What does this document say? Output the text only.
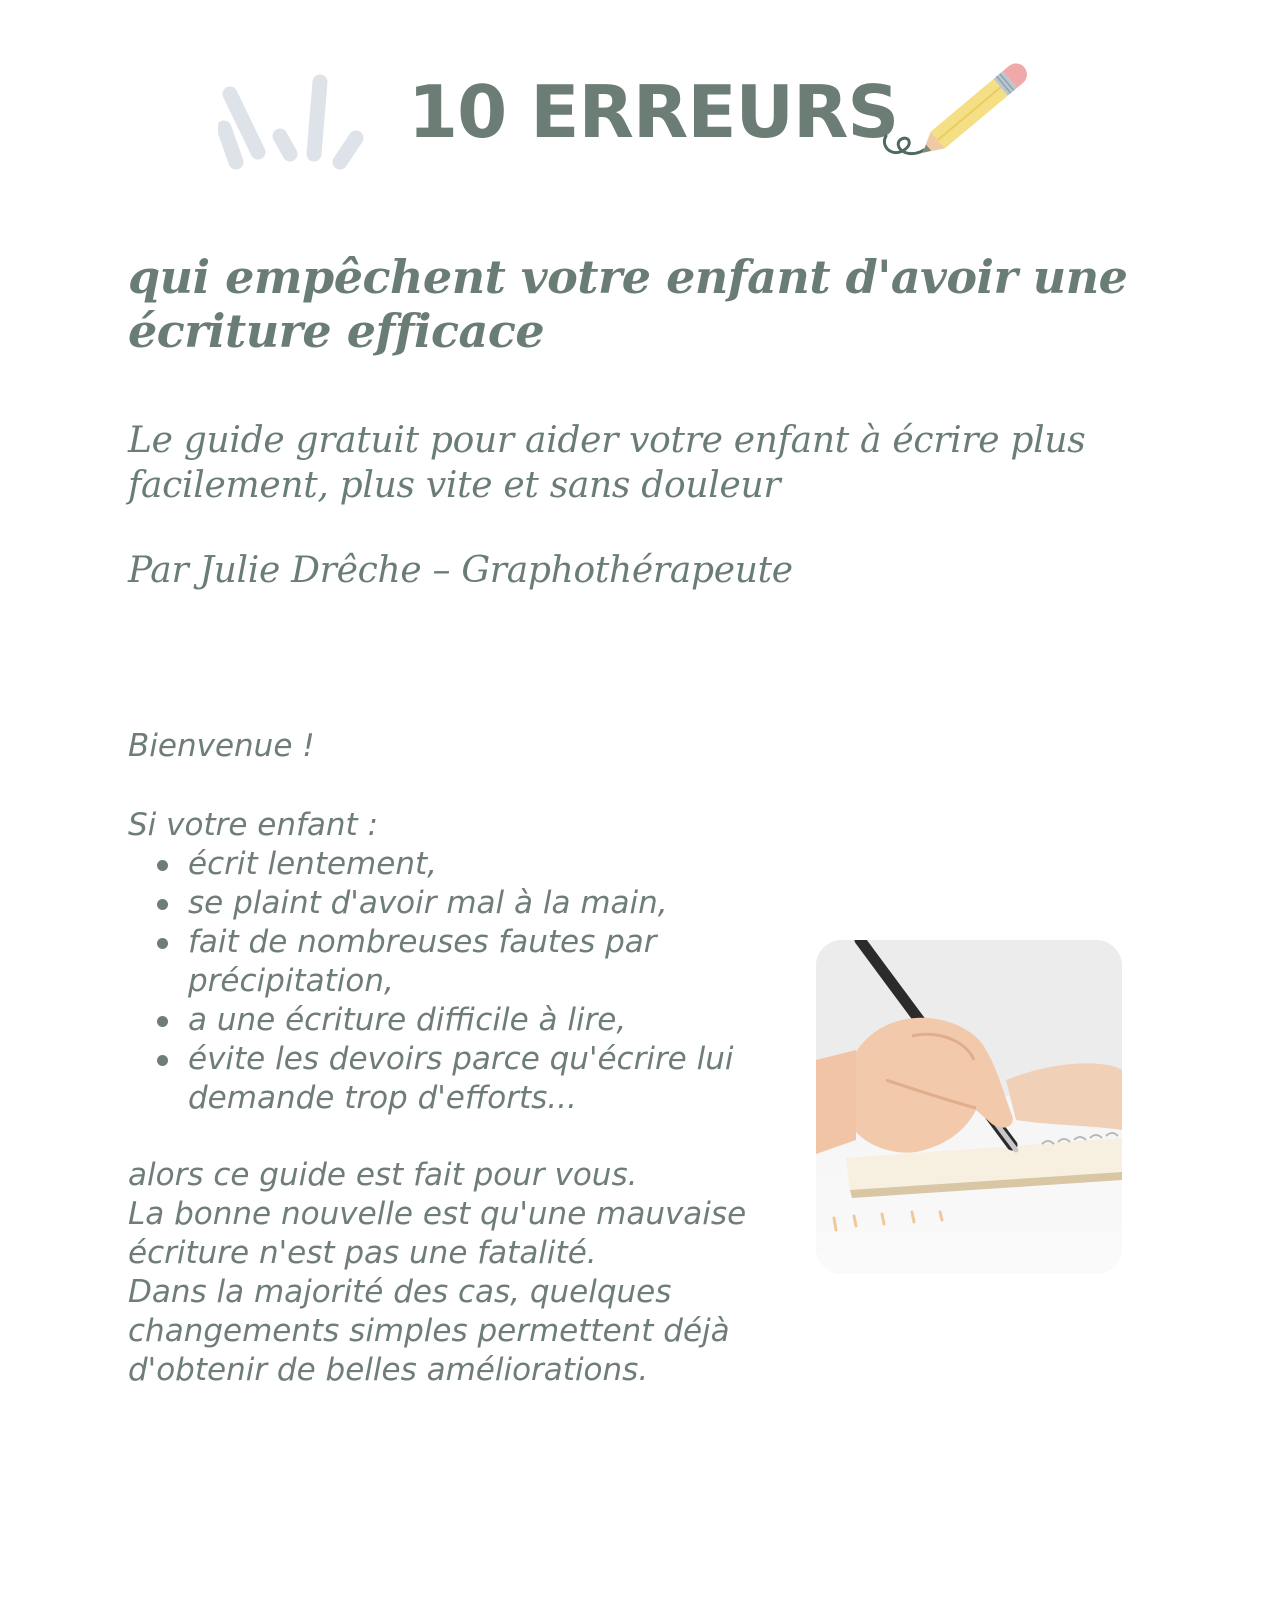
10 ERREURS
qui empêchent votre enfant d'avoir une écriture efficace

Le guide gratuit pour aider votre enfant à écrire plus facilement, plus vite et sans douleur

Par Julie Drêche – Graphothérapeute

Bienvenue !

Si votre enfant :

écrit lentement,
se plaint d'avoir mal à la main,
fait de nombreuses fautes par précipitation,
a une écriture difficile à lire,
évite les devoirs parce qu'écrire lui demande trop d'efforts...

alors ce guide est fait pour vous.

La bonne nouvelle est qu'une mauvaise écriture n'est pas une fatalité.

Dans la majorité des cas, quelques changements simples permettent déjà d'obtenir de belles améliorations.
